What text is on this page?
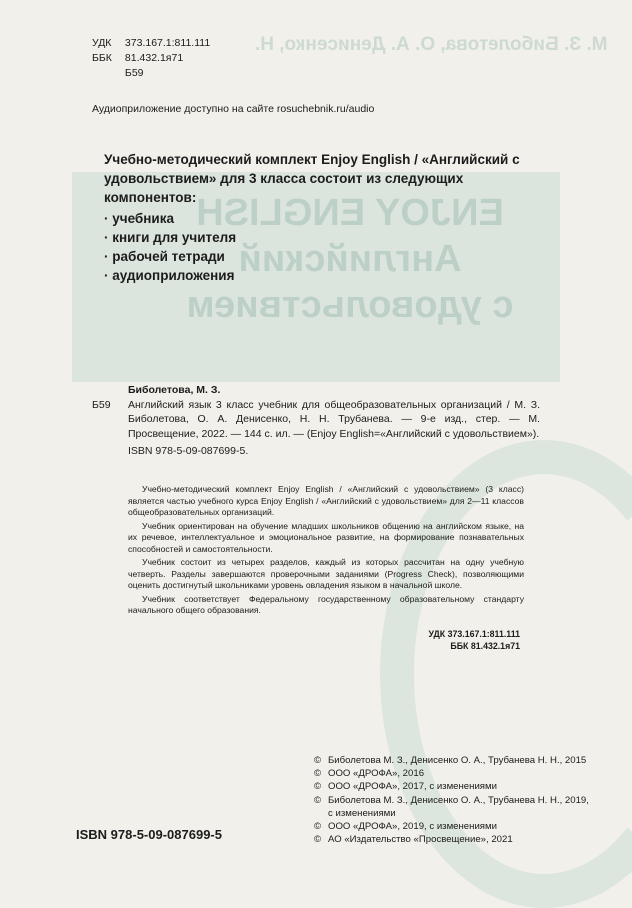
М. З. Биболетова, О. А. Денисенко, Н.
ENJOY ENGLISH
Английский
с удовольствием
УДК 373.167.1:811.111
ББК 81.432.1я71
Б59
Аудиоприложение доступно на сайте rosuchebnik.ru/audio
Учебно-методический комплект Enjoy English / «Английский с удовольствием» для 3 класса состоит из следующих компонентов:
· учебника
· книги для учителя
· рабочей тетради
· аудиоприложения
Биболетова, М. З.
Б59	Английский язык 3 класс учебник для общеобразовательных организаций / М. З. Биболетова, О. А. Денисенко, Н. Н. Трубанева. — 9-е изд., стер. — М. Просвещение, 2022. — 144 с. ил. — (Enjoy English=«Английский с удовольствием»).
ISBN 978-5-09-087699-5.

Учебно-методический комплект Enjoy English / «Английский с удовольствием» (3 класс) является частью учебного курса Enjoy English / «Английский с удовольствием» для 2—11 классов общеобразовательных организаций.

Учебник ориентирован на обучение младших школьников общению на английском языке, на их речевое, интеллектуальное и эмоциональное развитие, на формирование познавательных способностей и самостоятельности.

Учебник состоит из четырех разделов, каждый из которых рассчитан на одну учебную четверть. Разделы завершаются проверочными заданиями (Progress Check), позволяющими оценить достигнутый школьниками уровень овладения языком в начальной школе.

Учебник соответствует Федеральному государственному образовательному стандарту начального общего образования.

УДК 373.167.1:811.111
ББК 81.432.1я71
© Биболетова М. З., Денисенко О. А., Трубанева Н. Н., 2015
© ООО «ДРОФА», 2016
© ООО «ДРОФА», 2017, с изменениями
© Биболетова М. З., Денисенко О. А., Трубанева Н. Н., 2019,
с изменениями
© ООО «ДРОФА», 2019, с изменениями
© АО «Издательство «Просвещение», 2021
ISBN 978-5-09-087699-5
